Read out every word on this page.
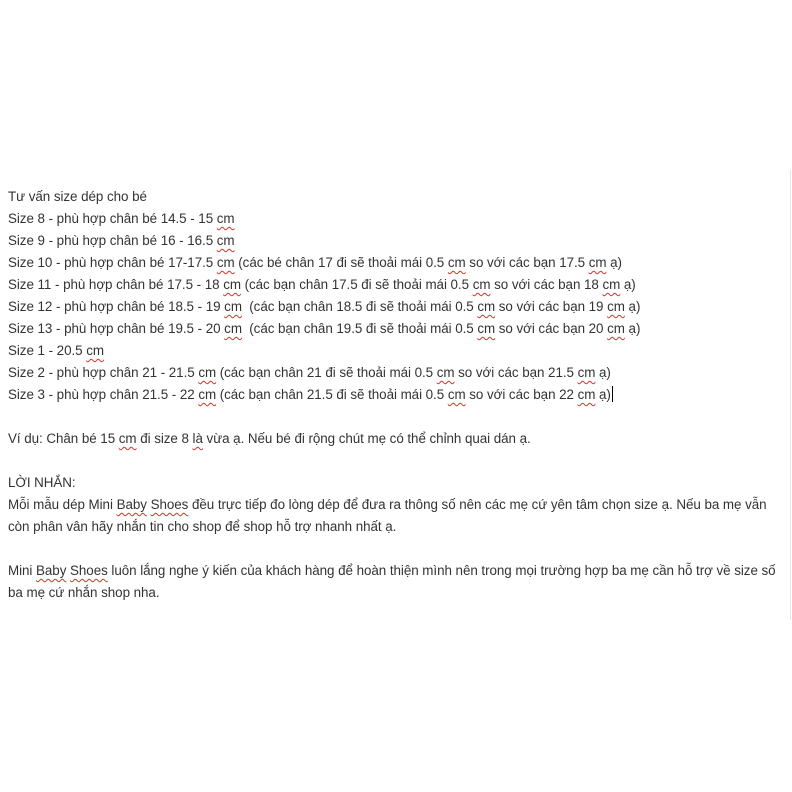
Tư vấn size dép cho bé
Size 8 - phù hợp chân bé 14.5 - 15 cm
Size 9 - phù hợp chân bé 16 - 16.5 cm
Size 10 - phù hợp chân bé 17-17.5 cm (các bé chân 17 đi sẽ thoải mái 0.5 cm so với các bạn 17.5 cm ạ)
Size 11 - phù hợp chân bé 17.5 - 18 cm (các bạn chân 17.5 đi sẽ thoải mái 0.5 cm so với các bạn 18 cm ạ)
Size 12 - phù hợp chân bé 18.5 - 19 cm  (các bạn chân 18.5 đi sẽ thoải mái 0.5 cm so với các bạn 19 cm ạ)
Size 13 - phù hợp chân bé 19.5 - 20 cm  (các bạn chân 19.5 đi sẽ thoải mái 0.5 cm so với các bạn 20 cm ạ)
Size 1 - 20.5 cm
Size 2 - phù hợp chân 21 - 21.5 cm (các bạn chân 21 đi sẽ thoải mái 0.5 cm so với các bạn 21.5 cm ạ)
Size 3 - phù hợp chân 21.5 - 22 cm (các bạn chân 21.5 đi sẽ thoải mái 0.5 cm so với các bạn 22 cm ạ)
Ví dụ: Chân bé 15 cm đi size 8 là vừa ạ. Nếu bé đi rộng chút mẹ có thể chỉnh quai dán ạ.
LỜI NHẮN:
Mỗi mẫu dép Mini Baby Shoes đều trực tiếp đo lòng dép để đưa ra thông số nên các mẹ cứ yên tâm chọn size ạ. Nếu ba mẹ vẫn còn phân vân hãy nhắn tin cho shop để shop hỗ trợ nhanh nhất ạ.
Mini Baby Shoes luôn lắng nghe ý kiến của khách hàng để hoàn thiện mình nên trong mọi trường hợp ba mẹ cần hỗ trợ về size số ba mẹ cứ nhắn shop nha.
